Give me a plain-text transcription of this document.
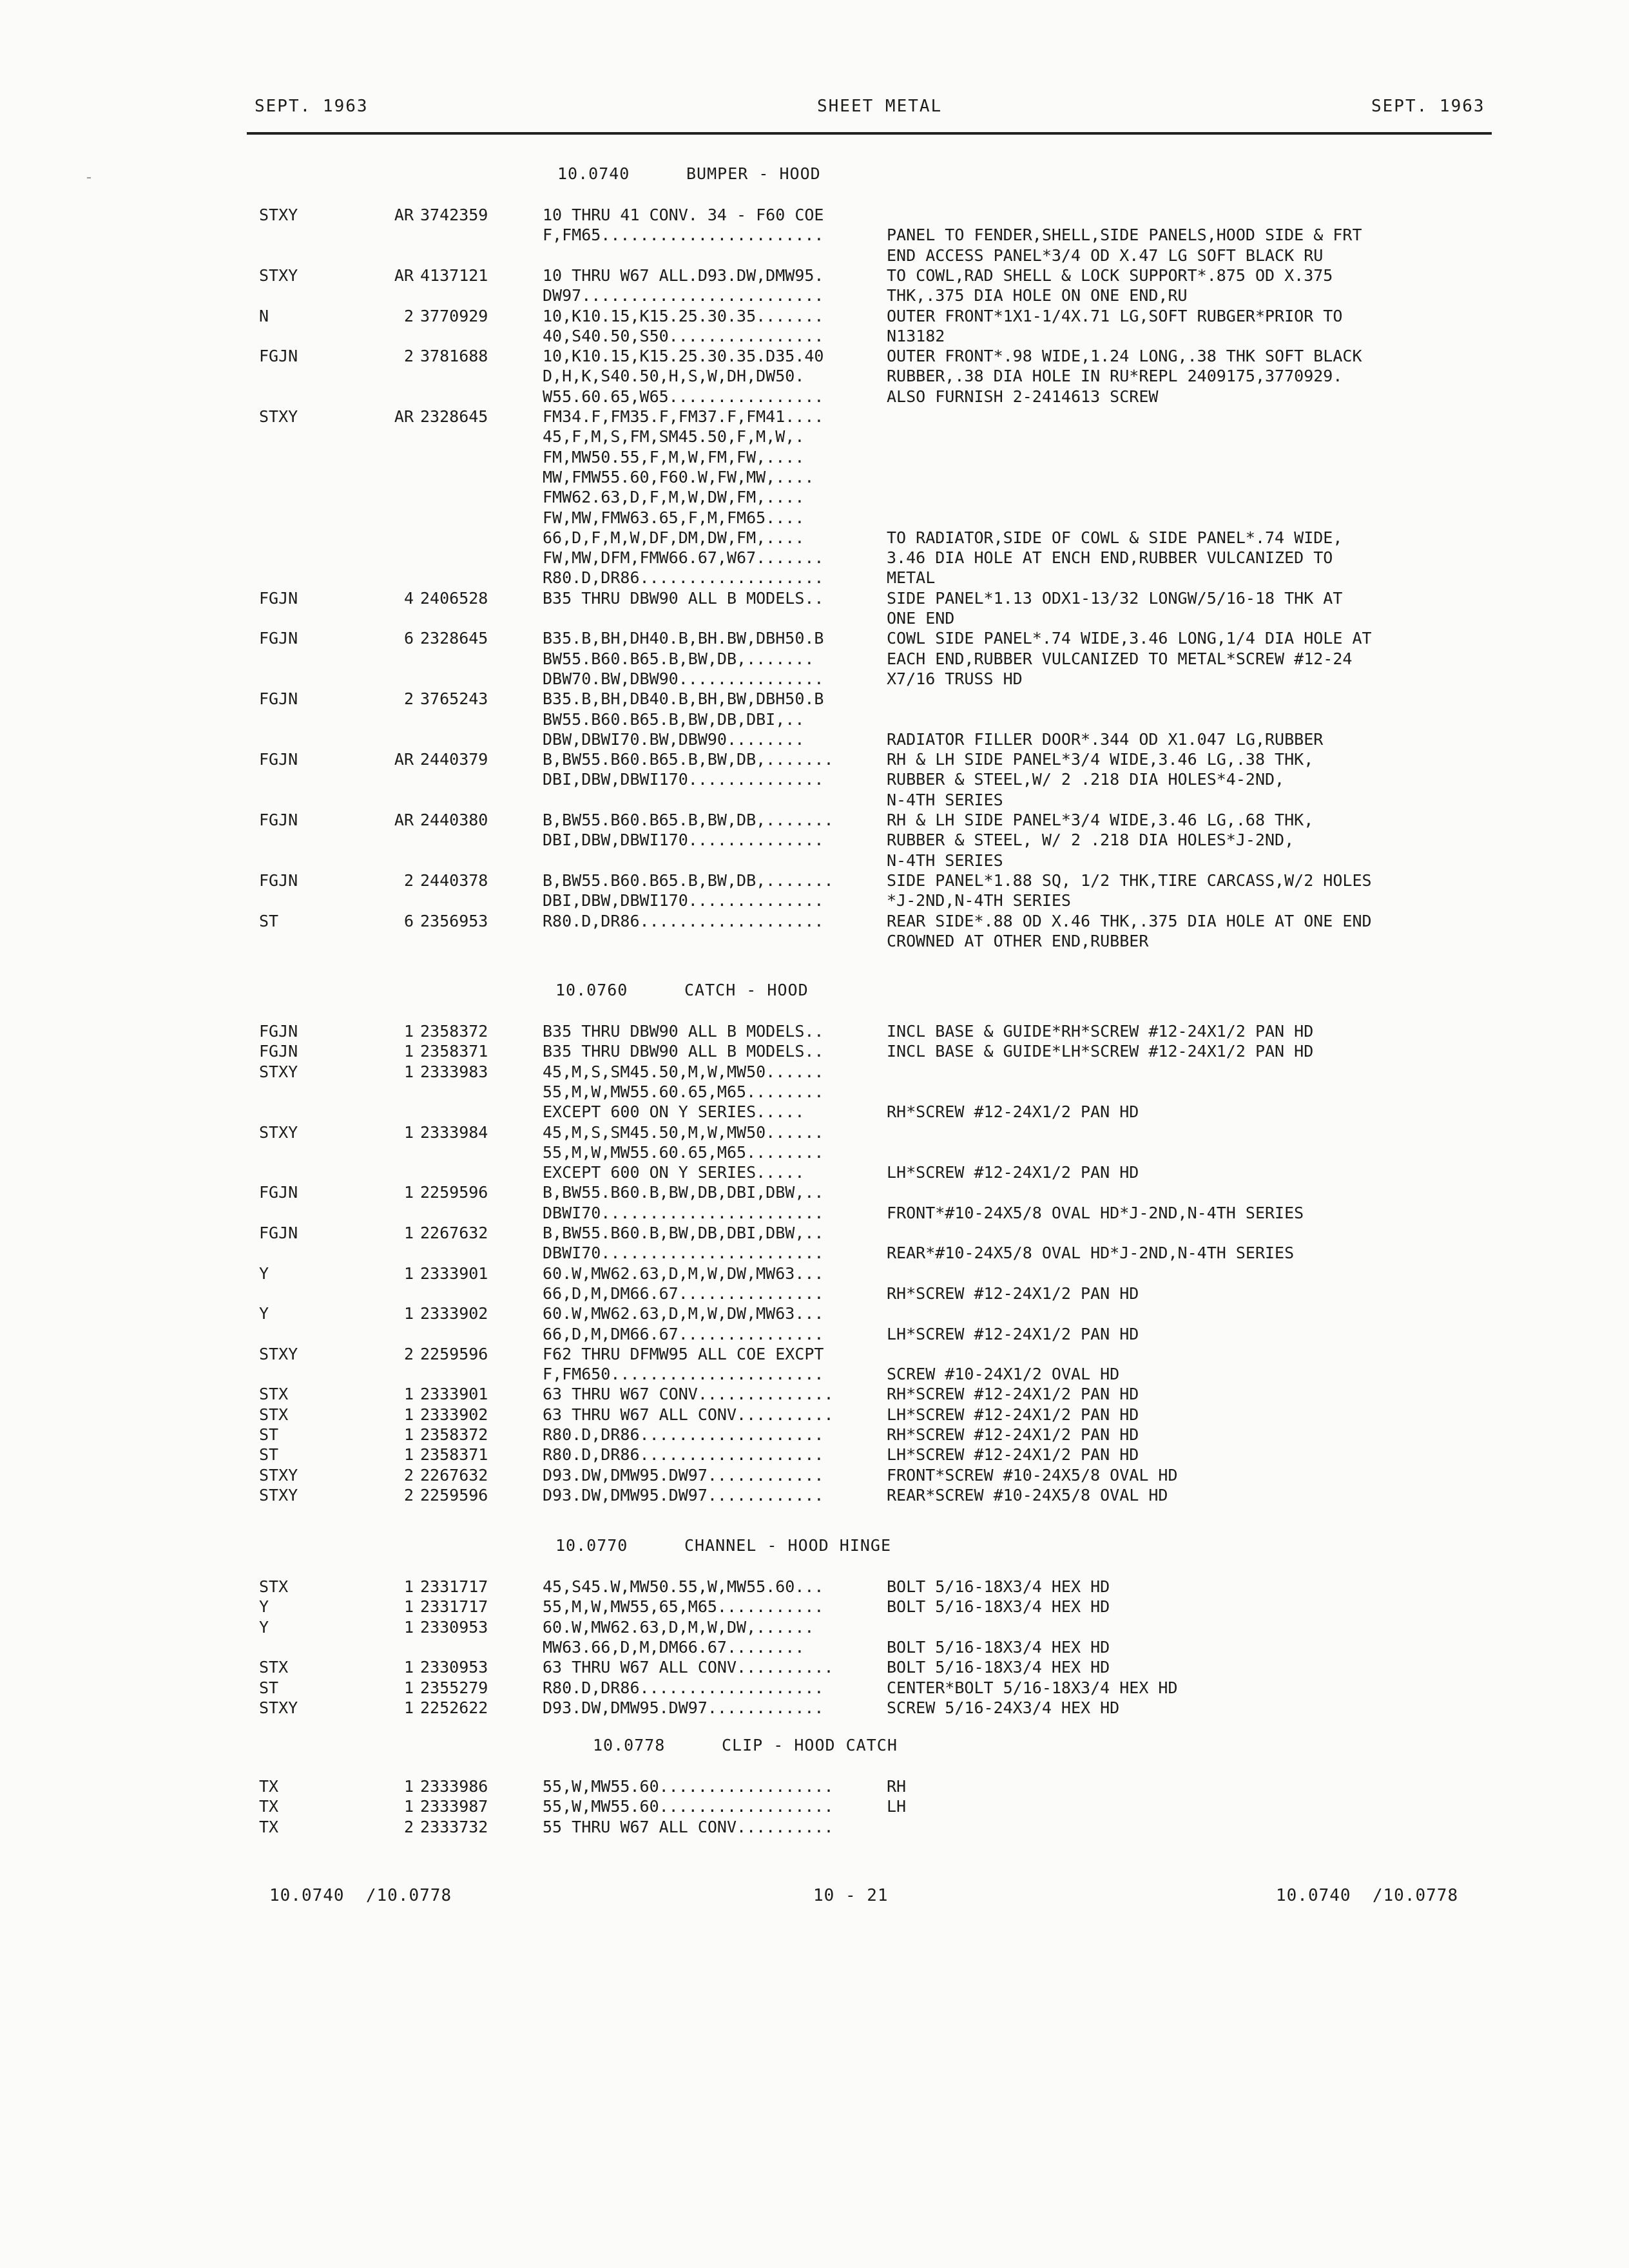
SEPT. 1963	SHEET METAL	SEPT. 1963
10.0740	BUMPER - HOOD
STXY	AR 3742359	10 THRU 41 CONV. 34 - F60 COE
F,FM65.......................	PANEL TO FENDER,SHELL,SIDE PANELS,HOOD SIDE & FRT
END ACCESS PANEL*3/4 OD X.47 LG SOFT BLACK RU
STXY	AR 4137121	10 THRU W67 ALL.D93.DW,DMW95.	TO COWL,RAD SHELL & LOCK SUPPORT*.875 OD X.375
DW97.........................	THK,.375 DIA HOLE ON ONE END,RU
N	2 3770929	10,K10.15,K15.25.30.35.......	OUTER FRONT*1X1-1/4X.71 LG,SOFT RUBGER*PRIOR TO
40,S40.50,S50................	N13182
FGJN	2 3781688	10,K10.15,K15.25.30.35.D35.40	OUTER FRONT*.98 WIDE,1.24 LONG,.38 THK SOFT BLACK
D,H,K,S40.50,H,S,W,DH,DW50.	RUBBER,.38 DIA HOLE IN RU*REPL 2409175,3770929.
W55.60.65,W65................	ALSO FURNISH 2-2414613 SCREW
STXY	AR 2328645	FM34.F,FM35.F,FM37.F,FM41....
45,F,M,S,FM,SM45.50,F,M,W,.
FM,MW50.55,F,M,W,FM,FW,....
MW,FMW55.60,F60.W,FW,MW,....
FMW62.63,D,F,M,W,DW,FM,....
FW,MW,FMW63.65,F,M,FM65....
66,D,F,M,W,DF,DM,DW,FM,....	TO RADIATOR,SIDE OF COWL & SIDE PANEL*.74 WIDE,
FW,MW,DFM,FMW66.67,W67.......	3.46 DIA HOLE AT ENCH END,RUBBER VULCANIZED TO
R80.D,DR86...................	METAL
FGJN	4 2406528	B35 THRU DBW90 ALL B MODELS..	SIDE PANEL*1.13 ODX1-13/32 LONGW/5/16-18 THK AT
ONE END
FGJN	6 2328645	B35.B,BH,DH40.B,BH.BW,DBH50.B	COWL SIDE PANEL*.74 WIDE,3.46 LONG,1/4 DIA HOLE AT
BW55.B60.B65.B,BW,DB,.......	EACH END,RUBBER VULCANIZED TO METAL*SCREW #12-24
DBW70.BW,DBW90...............	X7/16 TRUSS HD
FGJN	2 3765243	B35.B,BH,DB40.B,BH,BW,DBH50.B
BW55.B60.B65.B,BW,DB,DBI,..
DBW,DBWI70.BW,DBW90........	RADIATOR FILLER DOOR*.344 OD X1.047 LG,RUBBER
FGJN	AR 2440379	B,BW55.B60.B65.B,BW,DB,.......	RH & LH SIDE PANEL*3/4 WIDE,3.46 LG,.38 THK,
DBI,DBW,DBWI170..............	RUBBER & STEEL,W/ 2 .218 DIA HOLES*4-2ND,
N-4TH SERIES
FGJN	AR 2440380	B,BW55.B60.B65.B,BW,DB,.......	RH & LH SIDE PANEL*3/4 WIDE,3.46 LG,.68 THK,
DBI,DBW,DBWI170..............	RUBBER & STEEL, W/ 2 .218 DIA HOLES*J-2ND,
N-4TH SERIES
FGJN	2 2440378	B,BW55.B60.B65.B,BW,DB,.......	SIDE PANEL*1.88 SQ, 1/2 THK,TIRE CARCASS,W/2 HOLES
DBI,DBW,DBWI170..............	*J-2ND,N-4TH SERIES
ST	6 2356953	R80.D,DR86...................	REAR SIDE*.88 OD X.46 THK,.375 DIA HOLE AT ONE END
CROWNED AT OTHER END,RUBBER
10.0760	CATCH - HOOD
FGJN	1 2358372	B35 THRU DBW90 ALL B MODELS..	INCL BASE & GUIDE*RH*SCREW #12-24X1/2 PAN HD
FGJN	1 2358371	B35 THRU DBW90 ALL B MODELS..	INCL BASE & GUIDE*LH*SCREW #12-24X1/2 PAN HD
STXY	1 2333983	45,M,S,SM45.50,M,W,MW50......
55,M,W,MW55.60.65,M65........
EXCEPT 600 ON Y SERIES.....	RH*SCREW #12-24X1/2 PAN HD
STXY	1 2333984	45,M,S,SM45.50,M,W,MW50......
55,M,W,MW55.60.65,M65........
EXCEPT 600 ON Y SERIES.....	LH*SCREW #12-24X1/2 PAN HD
FGJN	1 2259596	B,BW55.B60.B,BW,DB,DBI,DBW,..
DBWI70.......................	FRONT*#10-24X5/8 OVAL HD*J-2ND,N-4TH SERIES
FGJN	1 2267632	B,BW55.B60.B,BW,DB,DBI,DBW,..
DBWI70.......................	REAR*#10-24X5/8 OVAL HD*J-2ND,N-4TH SERIES
Y	1 2333901	60.W,MW62.63,D,M,W,DW,MW63...
66,D,M,DM66.67...............	RH*SCREW #12-24X1/2 PAN HD
Y	1 2333902	60.W,MW62.63,D,M,W,DW,MW63...
66,D,M,DM66.67...............	LH*SCREW #12-24X1/2 PAN HD
STXY	2 2259596	F62 THRU DFMW95 ALL COE EXCPT
F,FM650......................	SCREW #10-24X1/2 OVAL HD
STX	1 2333901	63 THRU W67 CONV..............	RH*SCREW #12-24X1/2 PAN HD
STX	1 2333902	63 THRU W67 ALL CONV..........	LH*SCREW #12-24X1/2 PAN HD
ST	1 2358372	R80.D,DR86...................	RH*SCREW #12-24X1/2 PAN HD
ST	1 2358371	R80.D,DR86...................	LH*SCREW #12-24X1/2 PAN HD
STXY	2 2267632	D93.DW,DMW95.DW97............	FRONT*SCREW #10-24X5/8 OVAL HD
STXY	2 2259596	D93.DW,DMW95.DW97............	REAR*SCREW #10-24X5/8 OVAL HD
10.0770	CHANNEL - HOOD HINGE
STX	1 2331717	45,S45.W,MW50.55,W,MW55.60...	BOLT 5/16-18X3/4 HEX HD
Y	1 2331717	55,M,W,MW55,65,M65...........	BOLT 5/16-18X3/4 HEX HD
Y	1 2330953	60.W,MW62.63,D,M,W,DW,......
MW63.66,D,M,DM66.67........	BOLT 5/16-18X3/4 HEX HD
STX	1 2330953	63 THRU W67 ALL CONV..........	BOLT 5/16-18X3/4 HEX HD
ST	1 2355279	R80.D,DR86...................	CENTER*BOLT 5/16-18X3/4 HEX HD
STXY	1 2252622	D93.DW,DMW95.DW97............	SCREW 5/16-24X3/4 HEX HD
10.0778	CLIP - HOOD CATCH
TX	1 2333986	55,W,MW55.60..................	RH
TX	1 2333987	55,W,MW55.60..................	LH
TX	2 2333732	55 THRU W67 ALL CONV..........
10.0740  /10.0778	10 - 21	10.0740  /10.0778
